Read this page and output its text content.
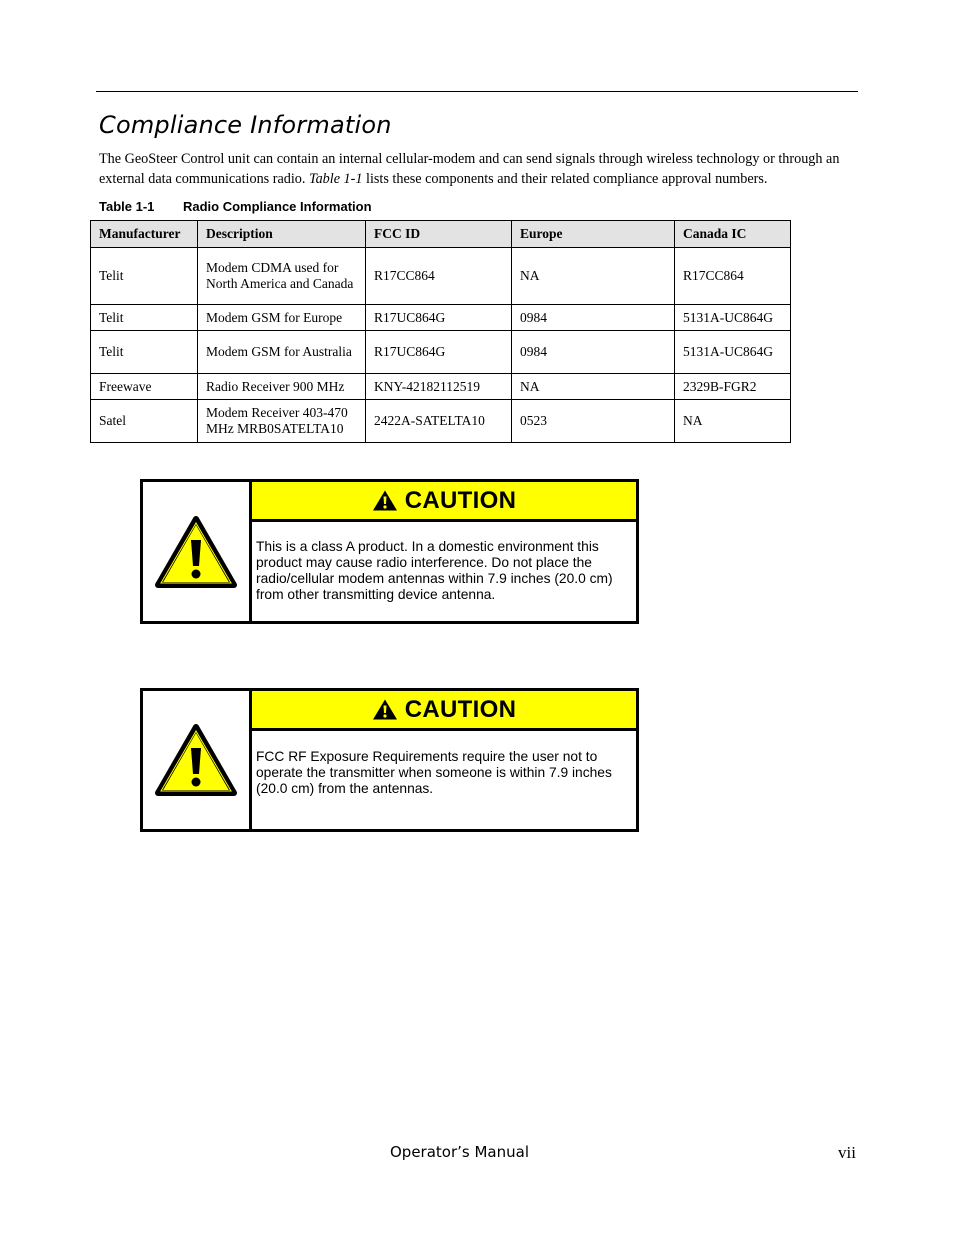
Compliance Information

The GeoSteer Control unit can contain an internal cellular-modem and can send signals through wireless technology or through an external data communications radio. Table 1-1 lists these components and their related compliance approval numbers.

Table 1-1 Radio Compliance Information
Manufacturer	Description	FCC ID	Europe	Canada IC
Telit	Modem CDMA used for North America and Canada	R17CC864	NA	R17CC864
Telit	Modem GSM for Europe	R17UC864G	0984	5131A-UC864G
Telit	Modem GSM for Australia	R17UC864G	0984	5131A-UC864G
Freewave	Radio Receiver 900 MHz	KNY-42182112519	NA	2329B-FGR2
Satel	Modem Receiver 403-470 MHz MRB0SATELTA10	2422A-SATELTA10	0523	NA
CAUTION

This is a class A product. In a domestic environment this product may cause radio interference. Do not place the radio/cellular modem antennas within 7.9 inches (20.0 cm) from other transmitting device antenna.

CAUTION

FCC RF Exposure Requirements require the user not to operate the transmitter when someone is within 7.9 inches (20.0 cm) from the antennas.

Operator’s Manual	vii
